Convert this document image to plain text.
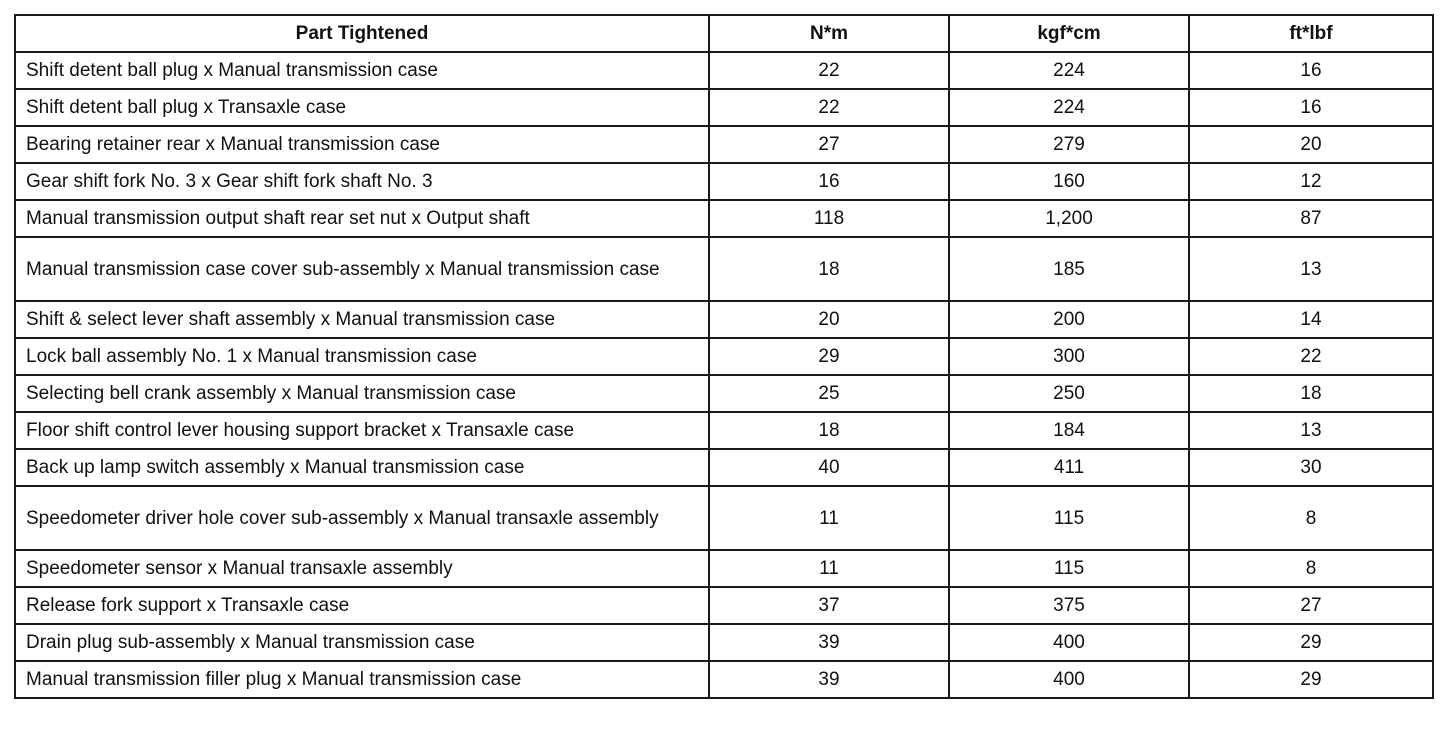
Part Tightened	N*m	kgf*cm	ft*lbf
Shift detent ball plug x Manual transmission case	22	224	16
Shift detent ball plug x Transaxle case	22	224	16
Bearing retainer rear x Manual transmission case	27	279	20
Gear shift fork No. 3 x Gear shift fork shaft No. 3	16	160	12
Manual transmission output shaft rear set nut x Output shaft	118	1,200	87
Manual transmission case cover sub-assembly x Manual transmission case	18	185	13
Shift & select lever shaft assembly x Manual transmission case	20	200	14
Lock ball assembly No. 1 x Manual transmission case	29	300	22
Selecting bell crank assembly x Manual transmission case	25	250	18
Floor shift control lever housing support bracket x Transaxle case	18	184	13
Back up lamp switch assembly x Manual transmission case	40	411	30
Speedometer driver hole cover sub-assembly x Manual transaxle assembly	11	115	8
Speedometer sensor x Manual transaxle assembly	11	115	8
Release fork support x Transaxle case	37	375	27
Drain plug sub-assembly x Manual transmission case	39	400	29
Manual transmission filler plug x Manual transmission case	39	400	29
